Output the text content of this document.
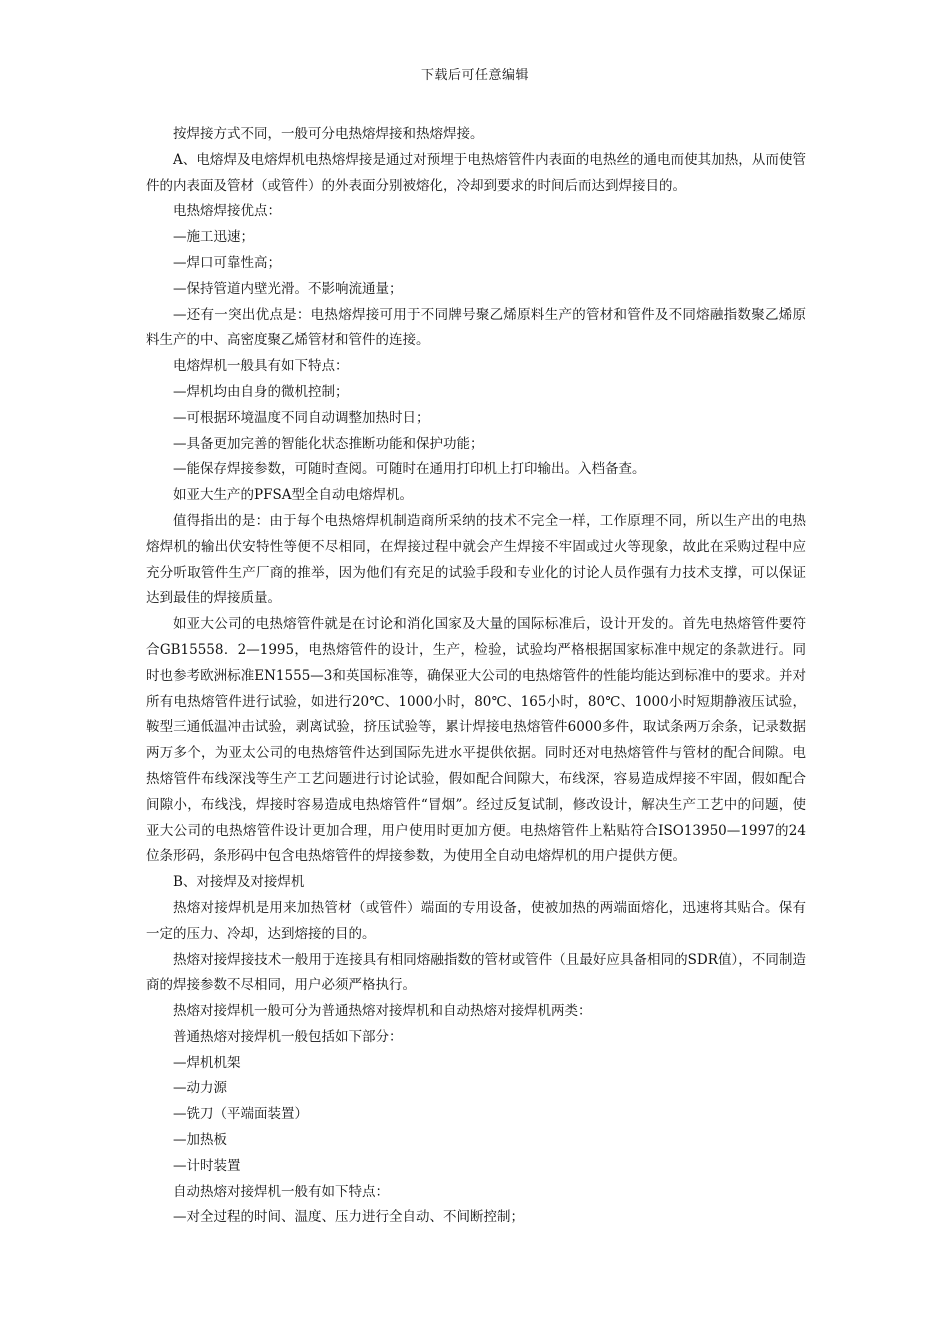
下载后可任意编辑

按焊接方式不同，一般可分电热熔焊接和热熔焊接。

A、电熔焊及电熔焊机电热熔焊接是通过对预埋于电热熔管件内表面的电热丝的通电而使其加热，从而使管件的内表面及管材（或管件）的外表面分别被熔化，冷却到要求的时间后而达到焊接目的。

电热熔焊接优点：

—施工迅速；

—焊口可靠性高；

—保持管道内壁光滑。不影响流通量；

—还有一突出优点是：电热熔焊接可用于不同牌号聚乙烯原料生产的管材和管件及不同熔融指数聚乙烯原料生产的中、高密度聚乙烯管材和管件的连接。

电熔焊机一般具有如下特点：

—焊机均由自身的微机控制；

—可根据环境温度不同自动调整加热时日；

—具备更加完善的智能化状态推断功能和保护功能；

—能保存焊接参数，可随时查阅。可随时在通用打印机上打印输出。入档备查。

如亚大生产的PFSA型全自动电熔焊机。

值得指出的是：由于每个电热熔焊机制造商所采纳的技术不完全一样，工作原理不同，所以生产出的电热熔焊机的输出伏安特性等便不尽相同，在焊接过程中就会产生焊接不牢固或过火等现象，故此在采购过程中应充分听取管件生产厂商的推举，因为他们有充足的试验手段和专业化的讨论人员作强有力技术支撑，可以保证达到最佳的焊接质量。

如亚大公司的电热熔管件就是在讨论和消化国家及大量的国际标准后，设计开发的。首先电热熔管件要符合GB15558．2—1995，电热熔管件的设计，生产，检验，试验均严格根据国家标准中规定的条款进行。同时也参考欧洲标准EN1555—3和英国标准等，确保亚大公司的电热熔管件的性能均能达到标准中的要求。并对所有电热熔管件进行试验，如进行20℃、1000小时，80℃、165小时，80℃、1000小时短期静液压试验，鞍型三通低温冲击试验，剥离试验，挤压试验等，累计焊接电热熔管件6000多件，取试条两万余条，记录数据两万多个，为亚太公司的电热熔管件达到国际先进水平提供依据。同时还对电热熔管件与管材的配合间隙。电热熔管件布线深浅等生产工艺问题进行讨论试验，假如配合间隙大，布线深，容易造成焊接不牢固，假如配合间隙小，布线浅，焊接时容易造成电热熔管件“冒烟”。经过反复试制，修改设计，解决生产工艺中的问题，使亚大公司的电热熔管件设计更加合理，用户使用时更加方便。电热熔管件上粘贴符合ISO13950—1997的24位条形码，条形码中包含电热熔管件的焊接参数，为使用全自动电熔焊机的用户提供方便。

B、对接焊及对接焊机

热熔对接焊机是用来加热管材（或管件）端面的专用设备，使被加热的两端面熔化，迅速将其贴合。保有一定的压力、冷却，达到熔接的目的。

热熔对接焊接技术一般用于连接具有相同熔融指数的管材或管件（且最好应具备相同的SDR值），不同制造商的焊接参数不尽相同，用户必须严格执行。

热熔对接焊机一般可分为普通热熔对接焊机和自动热熔对接焊机两类：

普通热熔对接焊机一般包括如下部分：

—焊机机架

—动力源

—铣刀（平端面装置）

—加热板

—计时装置

自动热熔对接焊机一般有如下特点：

—对全过程的时间、温度、压力进行全自动、不间断控制；
